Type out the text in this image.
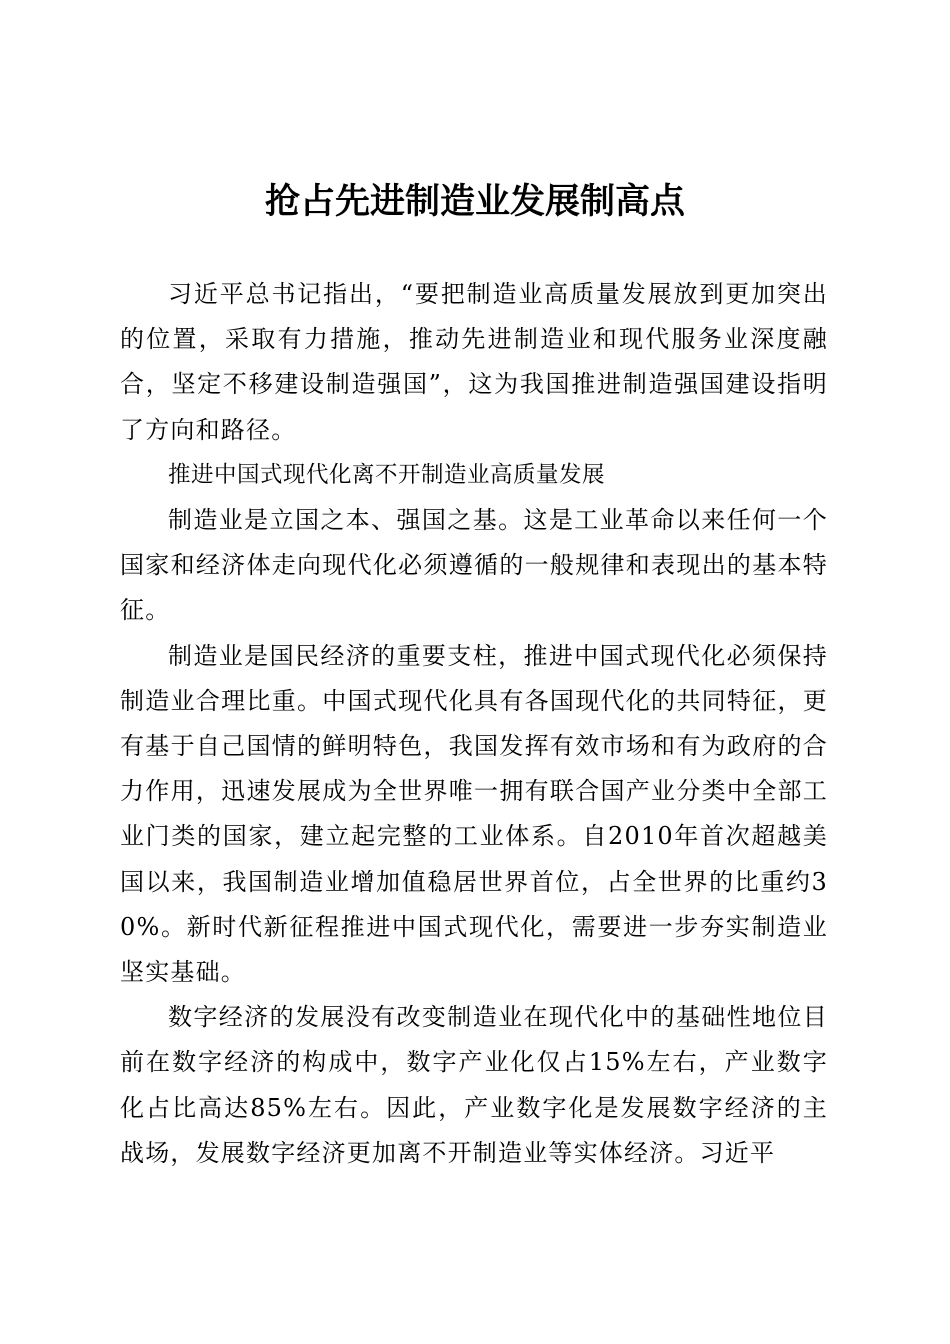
抢占先进制造业发展制高点

习近平总书记指出，“要把制造业高质量发展放到更加突出的位置，采取有力措施，推动先进制造业和现代服务业深度融合，坚定不移建设制造强国”，这为我国推进制造强国建设指明了方向和路径。

推进中国式现代化离不开制造业高质量发展

制造业是立国之本、强国之基。这是工业革命以来任何一个国家和经济体走向现代化必须遵循的一般规律和表现出的基本特征。

制造业是国民经济的重要支柱，推进中国式现代化必须保持制造业合理比重。中国式现代化具有各国现代化的共同特征，更有基于自己国情的鲜明特色，我国发挥有效市场和有为政府的合力作用，迅速发展成为全世界唯一拥有联合国产业分类中全部工业门类的国家，建立起完整的工业体系。自2010年首次超越美国以来，我国制造业增加值稳居世界首位，占全世界的比重约30%。新时代新征程推进中国式现代化，需要进一步夯实制造业坚实基础。

数字经济的发展没有改变制造业在现代化中的基础性地位目前在数字经济的构成中，数字产业化仅占15%左右，产业数字化占比高达85%左右。因此，产业数字化是发展数字经济的主战场，发展数字经济更加离不开制造业等实体经济。习近平
